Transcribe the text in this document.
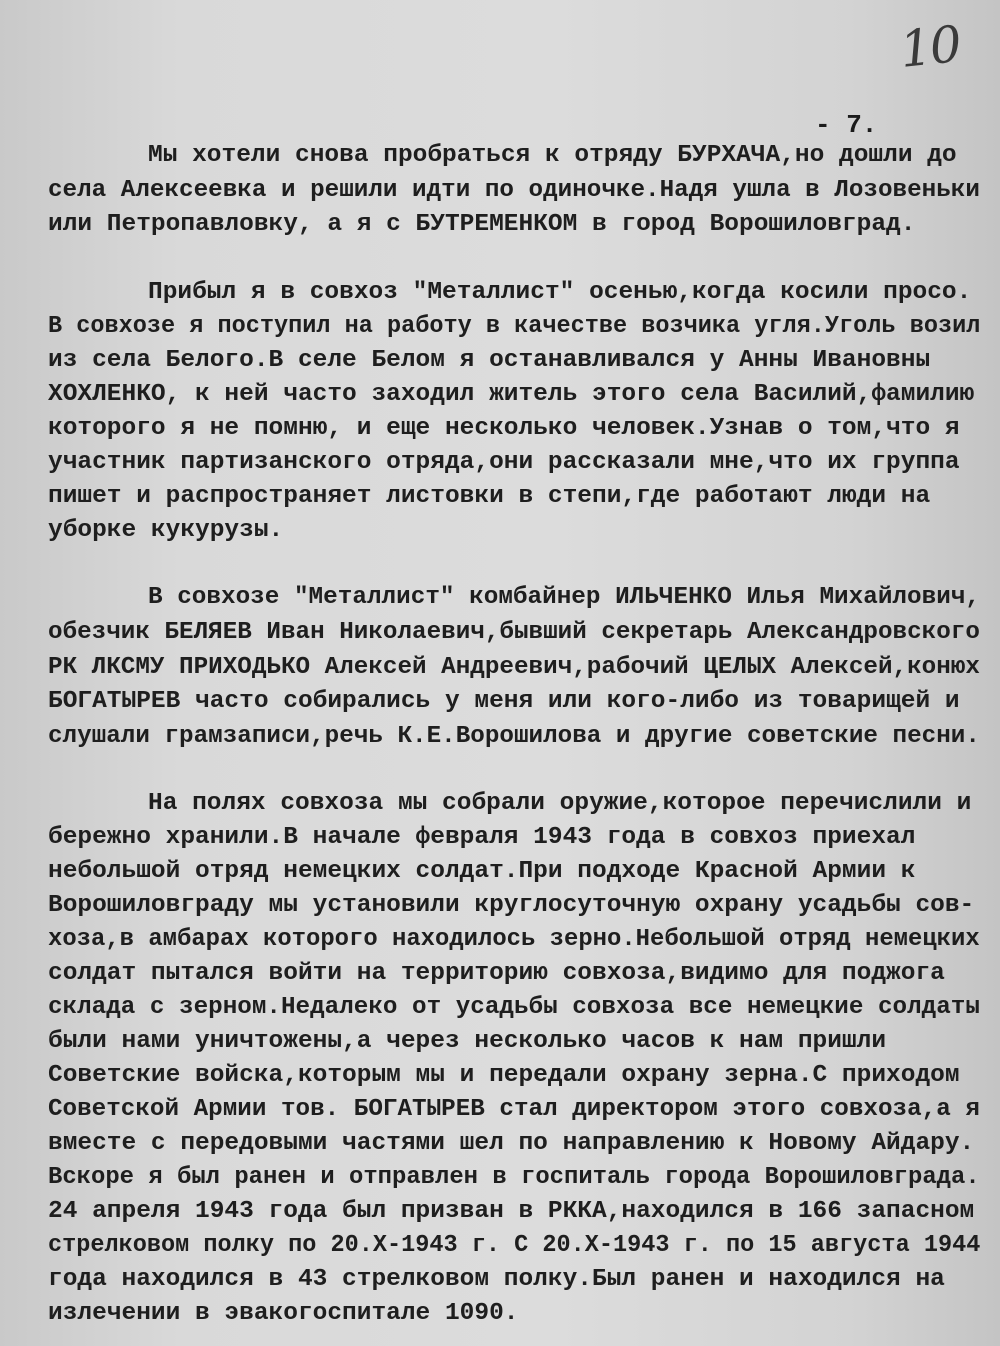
10
- 7.
Мы хотели снова пробраться к отряду БУРХАЧА,но дошли до
села Алексеевка и решили идти по одиночке.Надя ушла в Лозовеньки
или Петропавловку, а я с БУТРЕМЕНКОМ в город Ворошиловград.
Прибыл я в совхоз "Металлист" осенью,когда косили просо.
В совхозе я поступил на работу в качестве возчика угля.Уголь возил
из села Белого.В селе Белом я останавливался у Анны Ивановны
ХОХЛЕНКО, к ней часто заходил житель этого села Василий,фамилию
которого я не помню, и еще несколько человек.Узнав о том,что я
участник партизанского отряда,они рассказали мне,что их группа
пишет и распространяет листовки в степи,где работают люди на
уборке кукурузы.
В совхозе "Металлист" комбайнер ИЛЬЧЕНКО Илья Михайлович,
обезчик БЕЛЯЕВ Иван Николаевич,бывший секретарь Александровского
РК ЛКСМУ ПРИХОДЬКО Алексей Андреевич,рабочий ЦЕЛЫХ Алексей,конюх
БОГАТЫРЕВ часто собирались у меня или кого-либо из товарищей и
слушали грамзаписи,речь К.Е.Ворошилова и другие советские песни.
На полях совхоза мы собрали оружие,которое перечислили и
бережно хранили.В начале февраля 1943 года в совхоз приехал
небольшой отряд немецких солдат.При подходе Красной Армии к
Ворошиловграду мы установили круглосуточную охрану усадьбы сов-
хоза,в амбарах которого находилось зерно.Небольшой отряд немецких
солдат пытался войти на территорию совхоза,видимо для поджога
склада с зерном.Недалеко от усадьбы совхоза все немецкие солдаты
были нами уничтожены,а через несколько часов к нам пришли
Советские войска,которым мы и передали охрану зерна.С приходом
Советской Армии тов. БОГАТЫРЕВ стал директором этого совхоза,а я
вместе с передовыми частями шел по направлению к Новому Айдару.
Вскоре я был ранен и отправлен в госпиталь города Ворошиловграда.
24 апреля 1943 года был призван в РККА,находился в 166 запасном
стрелковом полку по 20.X-1943 г. С 20.X-1943 г. по 15 августа 1944
года находился в 43 стрелковом полку.Был ранен и находился на
излечении в эвакогоспитале 1090.
